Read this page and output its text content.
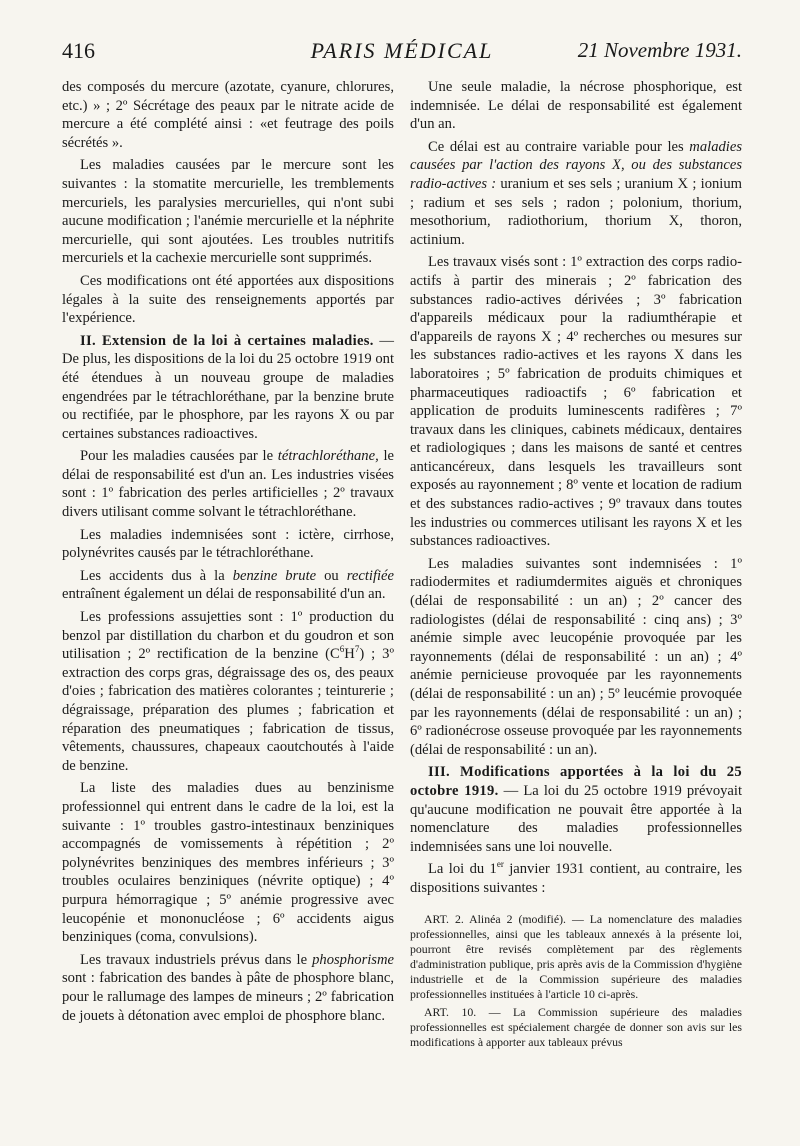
416	PARIS MÉDICAL	21 Novembre 1931.

des composés du mercure (azotate, cyanure, chlorures, etc.) » ; 2º Sécrétage des peaux par le nitrate acide de mercure a été complété ainsi : «et feutrage des poils sécrétés ».

Les maladies causées par le mercure sont les suivantes : la stomatite mercurielle, les tremblements mercuriels, les paralysies mercurielles, qui n'ont subi aucune modification ; l'anémie mercurielle et la néphrite mercurielle, qui sont ajoutées. Les troubles nutritifs mercuriels et la cachexie mercurielle sont supprimés.

Ces modifications ont été apportées aux dispositions légales à la suite des renseignements apportés par l'expérience.

II. Extension de la loi à certaines maladies. — De plus, les dispositions de la loi du 25 octobre 1919 ont été étendues à un nouveau groupe de maladies engendrées par le tétrachloréthane, par la benzine brute ou rectifiée, par le phosphore, par les rayons X ou par certaines substances radioactives.

Pour les maladies causées par le tétrachloréthane, le délai de responsabilité est d'un an. Les industries visées sont : 1º fabrication des perles artificielles ; 2º travaux divers utilisant comme solvant le tétrachloréthane.

Les maladies indemnisées sont : ictère, cirrhose, polynévrites causés par le tétrachloréthane.

Les accidents dus à la benzine brute ou rectifiée entraînent également un délai de responsabilité d'un an.

Les professions assujetties sont : 1º production du benzol par distillation du charbon et du goudron et son utilisation ; 2º rectification de la benzine $(C^6H^7)$ ; 3º extraction des corps gras, dégraissage des os, des peaux d'oies ; fabrication des matières colorantes ; teinturerie ; dégraissage, préparation des plumes ; fabrication et réparation des pneumatiques ; fabrication de tissus, vêtements, chaussures, chapeaux caoutchoutés à l'aide de benzine.

La liste des maladies dues au benzinisme professionnel qui entrent dans le cadre de la loi, est la suivante : 1º troubles gastro-intestinaux benziniques accompagnés de vomissements à répétition ; 2º polynévrites benziniques des membres inférieurs ; 3º troubles oculaires benziniques (névrite optique) ; 4º purpura hémorragique ; 5º anémie progressive avec leucopénie et mononucléose ; 6º accidents aigus benziniques (coma, convulsions).

Les travaux industriels prévus dans le phosphorisme sont : fabrication des bandes à pâte de phosphore blanc, pour le rallumage des lampes de mineurs ; 2º fabrication de jouets à détonation avec emploi de phosphore blanc.

Une seule maladie, la nécrose phosphorique, est indemnisée. Le délai de responsabilité est également d'un an.

Ce délai est au contraire variable pour les maladies causées par l'action des rayons X, ou des substances radio-actives : uranium et ses sels ; uranium X ; ionium ; radium et ses sels ; radon ; polonium, thorium, mesothorium, radiothorium, thorium X, thoron, actinium.

Les travaux visés sont : 1º extraction des corps radio-actifs à partir des minerais ; 2º fabrication des substances radio-actives dérivées ; 3º fabrication d'appareils médicaux pour la radiumthérapie et d'appareils de rayons X ; 4º recherches ou mesures sur les substances radio-actives et les rayons X dans les laboratoires ; 5º fabrication de produits chimiques et pharmaceutiques radioactifs ; 6º fabrication et application de produits luminescents radifères ; 7º travaux dans les cliniques, cabinets médicaux, dentaires et radiologiques ; dans les maisons de santé et centres anticancéreux, dans lesquels les travailleurs sont exposés au rayonnement ; 8º vente et location de radium et des substances radio-actives ; 9º travaux dans toutes les industries ou commerces utilisant les rayons X et les substances radioactives.

Les maladies suivantes sont indemnisées : 1º radiodermites et radiumdermites aiguës et chroniques (délai de responsabilité : un an) ; 2º cancer des radiologistes (délai de responsabilité : cinq ans) ; 3º anémie simple avec leucopénie provoquée par les rayonnements (délai de responsabilité : un an) ; 4º anémie pernicieuse provoquée par les rayonnements (délai de responsabilité : un an) ; 5º leucémie provoquée par les rayonnements (délai de responsabilité : un an) ; 6º radionécrose osseuse provoquée par les rayonnements (délai de responsabilité : un an).

III. Modifications apportées à la loi du 25 octobre 1919. — La loi du 25 octobre 1919 prévoyait qu'aucune modification ne pouvait être apportée à la nomenclature des maladies professionnelles indemnisées sans une loi nouvelle.

La loi du 1er janvier 1931 contient, au contraire, les dispositions suivantes :

ART. 2. Alinéa 2 (modifié). — La nomenclature des maladies professionnelles, ainsi que les tableaux annexés à la présente loi, pourront être revisés complètement par des règlements d'administration publique, pris après avis de la Commission d'hygiène industrielle et de la Commission supérieure des maladies professionnelles instituées à l'article 10 ci-après.

ART. 10. — La Commission supérieure des maladies professionnelles est spécialement chargée de donner son avis sur les modifications à apporter aux tableaux prévus
